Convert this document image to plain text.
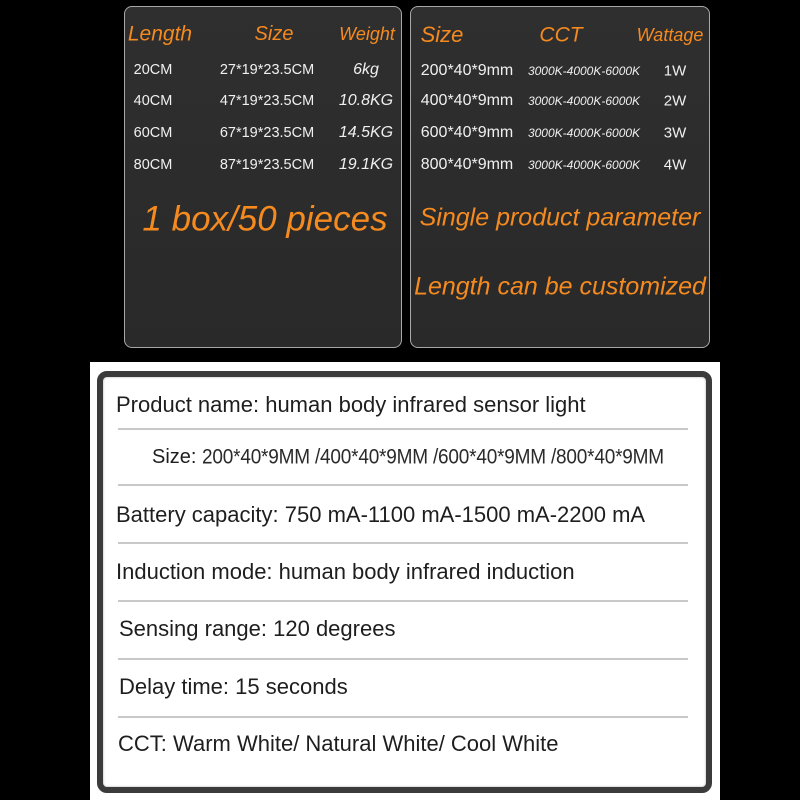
Length	Size	Weight
20CM	27*19*23.5CM 6kg
40CM	47*19*23.5CM 10.8KG
60CM	67*19*23.5CM 14.5KG
80CM	87*19*23.5CM 19.1KG
1 box/50 pieces
Size	CCT	Wattage
200*40*9mm 3000K-4000K-6000K 1W
400*40*9mm 3000K-4000K-6000K 2W
600*40*9mm 3000K-4000K-6000K 3W
800*40*9mm 3000K-4000K-6000K 4W
Single product parameter
Length can be customized
Product name: human body infrared sensor light
Size: 200*40*9MM /400*40*9MM /600*40*9MM /800*40*9MM
Battery capacity: 750 mA-1100 mA-1500 mA-2200 mA
Induction mode: human body infrared induction
Sensing range: 120 degrees
Delay time: 15 seconds
CCT: Warm White/ Natural White/ Cool White
